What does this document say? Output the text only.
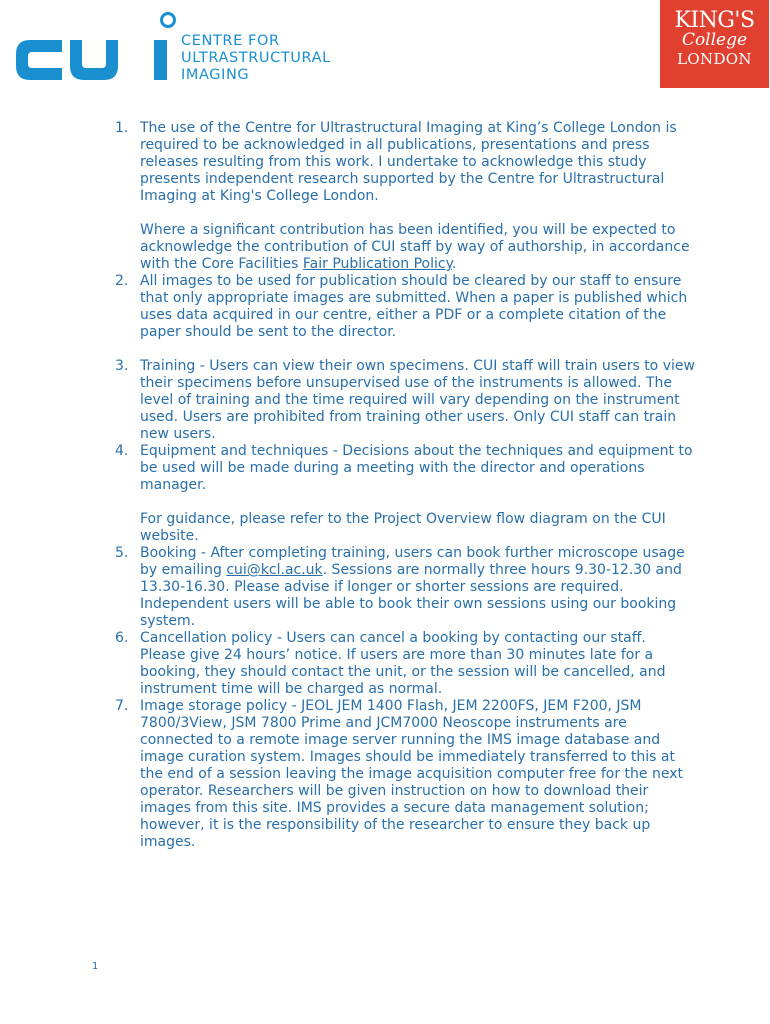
CENTRE FOR
ULTRASTRUCTURAL
IMAGING
KING'S
College
LONDON
1. The use of the Centre for Ultrastructural Imaging at King’s College London is required to be acknowledged in all publications, presentations and press releases resulting from this work. I undertake to acknowledge this study presents independent research supported by the Centre for Ultrastructural Imaging at King's College London.

Where a significant contribution has been identified, you will be expected to acknowledge the contribution of CUI staff by way of authorship, in accordance with the Core Facilities Fair Publication Policy.

2. All images to be used for publication should be cleared by our staff to ensure that only appropriate images are submitted. When a paper is published which uses data acquired in our centre, either a PDF or a complete citation of the paper should be sent to the director.

3. Training - Users can view their own specimens. CUI staff will train users to view their specimens before unsupervised use of the instruments is allowed. The level of training and the time required will vary depending on the instrument used. Users are prohibited from training other users. Only CUI staff can train new users.

4. Equipment and techniques - Decisions about the techniques and equipment to be used will be made during a meeting with the director and operations manager.

For guidance, please refer to the Project Overview flow diagram on the CUI website.

5. Booking - After completing training, users can book further microscope usage by emailing cui@kcl.ac.uk. Sessions are normally three hours 9.30-12.30 and 13.30-16.30. Please advise if longer or shorter sessions are required. Independent users will be able to book their own sessions using our booking system.

6. Cancellation policy - Users can cancel a booking by contacting our staff. Please give 24 hours’ notice. If users are more than 30 minutes late for a booking, they should contact the unit, or the session will be cancelled, and instrument time will be charged as normal.

7. Image storage policy - JEOL JEM 1400 Flash, JEM 2200FS, JEM F200, JSM 7800/3View, JSM 7800 Prime and JCM7000 Neoscope instruments are connected to a remote image server running the IMS image database and image curation system. Images should be immediately transferred to this at the end of a session leaving the image acquisition computer free for the next operator. Researchers will be given instruction on how to download their images from this site. IMS provides a secure data management solution; however, it is the responsibility of the researcher to ensure they back up images.

1
